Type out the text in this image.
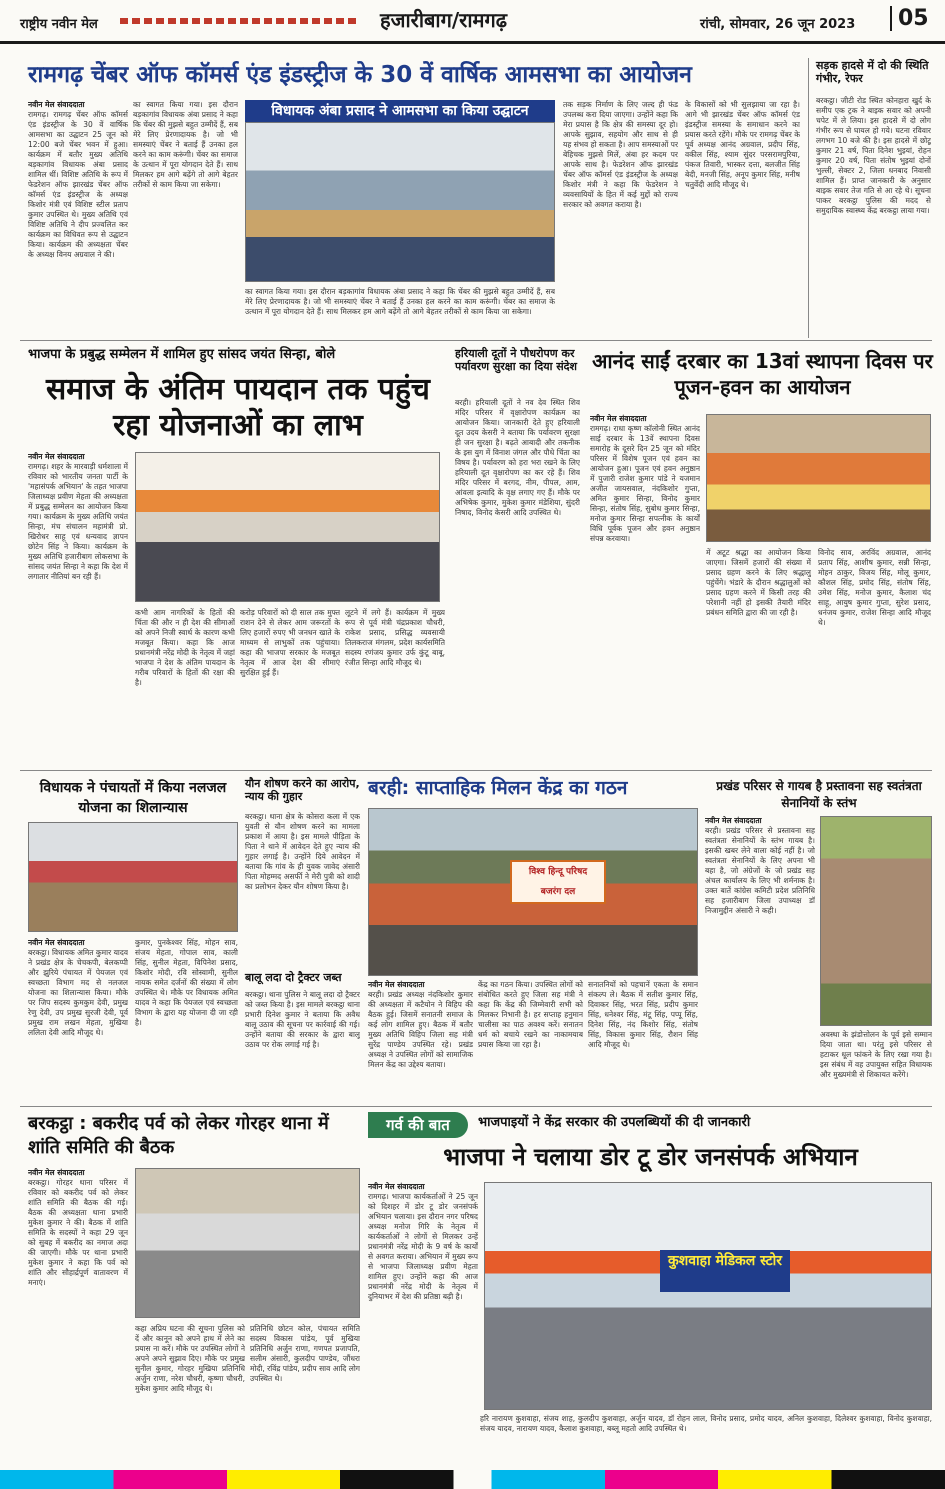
राष्ट्रीय नवीन मेल	हजारीबाग/रामगढ़	रांची, सोमवार, 26 जून 2023	05
रामगढ़ चेंबर ऑफ कॉमर्स एंड इंडस्ट्रीज के 30 वें वार्षिक आमसभा का आयोजन
नवीन मेल संवाददाता
रामगढ़। रामगढ़ चेंबर ऑफ कॉमर्स एंड इंडस्ट्रीज के 30 वें वार्षिक आमसभा का उद्घाटन 25 जून को 12:00 बजे चेंबर भवन में हुआ। कार्यक्रम में बतौर मुख्य अतिथि बड़कागांव विधायक अंबा प्रसाद शामिल थीं। विशिष्ट अतिथि के रूप में फेडरेशन ऑफ झारखंड चेंबर ऑफ कॉमर्स एंड इंडस्ट्रीज के अध्यक्ष किशोर मंत्री एवं विशिष्ट स्टील प्रताप कुमार उपस्थित थे। मुख्य अतिथि एवं विशिष्ट अतिथि ने दीप प्रज्वलित कर कार्यक्रम का विधिवत रूप से उद्घाटन किया। कार्यक्रम की अध्यक्षता चेंबर के अध्यक्ष विनय अग्रवाल ने की।
का स्वागत किया गया। इस दौरान बड़कागांव विधायक अंबा प्रसाद ने कहा कि चेंबर की मुझसे बहुत उम्मीदें हैं, सब मेरे लिए प्रेरणादायक है। जो भी समस्याएं चेंबर ने बताई हैं उनका हल करने का काम करूंगी। चेंबर का समाज के उत्थान में पूरा योगदान देते हैं। साथ मिलकर हम आगे बढ़ेंगे तो आगे बेहतर तरीकों से काम किया जा सकेगा।
विधायक अंबा प्रसाद ने आमसभा का किया उद्घाटन
का स्वागत किया गया। इस दौरान बड़कागांव विधायक अंबा प्रसाद ने कहा कि चेंबर की मुझसे बहुत उम्मीदें हैं, सब मेरे लिए प्रेरणादायक है। जो भी समस्याएं चेंबर ने बताई हैं उनका हल करने का काम करूंगी। चेंबर का समाज के उत्थान में पूरा योगदान देते हैं। साथ मिलकर हम आगे बढ़ेंगे तो आगे बेहतर तरीकों से काम किया जा सकेगा।
तक सड़क निर्माण के लिए जल्द ही फंड उपलब्ध करा दिया जाएगा। उन्होंने कहा कि मेरा प्रयास है कि क्षेत्र की समस्या दूर हो। आपके सुझाव, सहयोग और साथ से ही यह संभव हो सकता है। आप समस्याओं पर बेहिचक मुझसे मिलें, अंबा हर कदम पर आपके साथ है। फेडरेशन ऑफ झारखंड चेंबर ऑफ कॉमर्स एंड इंडस्ट्रीज के अध्यक्ष किशोर मंत्री ने कहा कि फेडरेशन ने व्यवसायियों के हित में कई मुद्दों को राज्य सरकार को अवगत कराया है।
के विकासों को भी सुलझाया जा रहा है। आगे भी झारखंड चेंबर ऑफ कॉमर्स एंड इंडस्ट्रीज समस्या के समाधान करने का प्रयास करते रहेंगे। मौके पर रामगढ़ चेंबर के पूर्व अध्यक्ष आनंद अग्रवाल, प्रदीप सिंह, वकील सिंह, श्याम सुंदर परसरामपुरिया, पंकज तिवारी, भास्कर दत्ता, बलजीत सिंह बेदी, मनजी सिंह, अनूप कुमार सिंह, मनीष चतुर्वेदी आदि मौजूद थे।
सड़क हादसे में दो की स्थिति गंभीर, रेफर
बरकट्ठा। जीटी रोड स्थित कोनहारा खुर्द के समीप एक ट्रक ने बाइक सवार को अपनी चपेट में ले लिया। इस हादसे में दो लोग गंभीर रूप से घायल हो गये। घटना रविवार लगभग 10 बजे की है। इस हादसे में छोटू कुमार 21 वर्ष, पिता दिनेश भुइयां, रोहन कुमार 20 वर्ष, पिता संतोष भुइयां दोनों भुल्ली, सेक्टर 2, जिला धनबाद निवासी शामिल हैं। प्राप्त जानकारी के अनुसार बाइक सवार तेज गति से आ रहे थे। सूचना पाकर बरकट्ठा पुलिस की मदद से समुदायिक स्वास्थ्य केंद्र बरकट्ठा लाया गया।
भाजपा के प्रबुद्ध सम्मेलन में शामिल हुए सांसद जयंत सिन्हा, बोले
समाज के अंतिम पायदान तक पहुंच रहा योजनाओं का लाभ
नवीन मेल संवाददाता
रामगढ़। शहर के मारवाड़ी धर्मशाला में रविवार को भारतीय जनता पार्टी के 'महासंपर्क अभियान' के तहत भाजपा जिलाध्यक्ष प्रवीण मेहता की अध्यक्षता में प्रबुद्ध सम्मेलन का आयोजन किया गया। कार्यक्रम के मुख्य अतिथि जयंत सिन्हा, मंच संचालन महामंत्री प्रो. खिरोधर साहू एवं धन्यवाद ज्ञापन छोटेन सिंह ने किया। कार्यक्रम के मुख्य अतिथि हजारीबाग लोकसभा के सांसद जयंत सिन्हा ने कहा कि देश में लगातार नीतियां बन रही हैं।
कभी आम नागरिकों के हितों की चिंता की और न ही देश की सीमाओं को अपने निजी स्वार्थ के कारण कभी मजबूत किया। कहा कि आज प्रधानमंत्री नरेंद्र मोदी के नेतृत्व में जहां भाजपा ने देश के अंतिम पायदान के गरीब परिवारों के हितों की रक्षा की है।
करोड़ परिवारों को दी साल तक मुफ्त राशन देने से लेकर आम जरूरतों के लिए हजारों रुपए भी जनधन खाते के माध्यम से लाभुकों तक पहुंचाया। कहा की भाजपा सरकार के मजबूत नेतृत्व में आज देश की सीमाएं सुरक्षित हुई हैं।
लूटने में लगे हैं। कार्यक्रम में मुख्य रूप से पूर्व मंत्री चंद्रप्रकाश चौधरी, राकेश प्रसाद, प्रसिद्ध व्यवसायी तिलकराज मंगलम, प्रदेश कार्यसमिति सदस्य रणंजय कुमार उर्फ कुंटू बाबू, रंजीत सिन्हा आदि मौजूद थे।
हरियाली दूतों ने पौधरोपण कर पर्यावरण सुरक्षा का दिया संदेश
बरही। हरियाली दूतों ने नव देव स्थित शिव मंदिर परिसर में वृक्षारोपण कार्यक्रम का आयोजन किया। जानकारी देते हुए हरियाली दूत उदय केसरी ने बताया कि पर्यावरण सुरक्षा ही जन सुरक्षा है। बढ़ते आबादी और तकनीक के इस युग में विनाश जंगल और पौधे चिंता का विषय है। पर्यावरण को हरा भरा रखने के लिए हरियाली दूत वृक्षारोपण का कर रहे हैं। शिव मंदिर परिसर में बरगद, नीम, पीपल, आम, आंवला इत्यादि के वृक्ष लगाए गए हैं। मौके पर अभिषेक कुमार, मुकेश कुमार मंडेशिया, सुंदरी निषाद, विनोद केसरी आदि उपस्थित थे।
आनंद साईं दरबार का 13वां स्थापना दिवस पर पूजन-हवन का आयोजन
नवीन मेल संवाददाता
रामगढ़। राधा कृष्ण कॉलोनी स्थित आनंद साई दरबार के 13वें स्थापना दिवस समारोह के दूसरे दिन 25 जून को मंदिर परिसर में विशेष पूजन एवं हवन का आयोजन हुआ। पूजन एवं हवन अनुष्ठान में पुजारी राजेश कुमार पांडे ने यजमान अजीत जायसवाल, नंदकिशोर गुप्ता, अमित कुमार सिन्हा, विनोद कुमार सिन्हा, संतोष सिंह, सुबोध कुमार सिन्हा, मनोज कुमार सिन्हा सपत्नीक के कार्यों विधि पूर्वक पूजन और हवन अनुष्ठान संपन्न करवाया।
में अटूट श्रद्धा का आयोजन किया जाएगा। जिसमें हजारों की संख्या में प्रसाद ग्रहण करने के लिए श्रद्धालु पहुंचेंगे। भंडारे के दौरान श्रद्धालुओं को प्रसाद ग्रहण करने में किसी तरह की परेशानी नहीं हो इसकी तैयारी मंदिर प्रबंधन समिति द्वारा की जा रही है।
विनोद साव, अरविंद अग्रवाल, आनंद प्रताप सिंह, आशीष कुमार, सन्नी सिन्हा, मोहन ठाकुर, विजय सिंह, मोलू कुमार, कौशल सिंह, प्रमोद सिंह, संतोष सिंह, उमेश सिंह, मनोज कुमार, कैलाश चंद साहू, आयुष कुमार गुप्ता, सुरेश प्रसाद, धनंजय कुमार, राजेश सिन्हा आदि मौजूद थे।
विधायक ने पंचायतों में किया नलजल योजना का शिलान्यास
नवीन मेल संवाददाता
बरकट्ठा। विधायक अमित कुमार यादव ने प्रखंड क्षेत्र के चेचकपी, बेलकप्पी और झुरिये पंचायत में पेयजल एवं स्वच्छता विभाग मद से नलजल योजना का शिलान्यास किया। मौके पर जिप सदस्य कुमकुम देवी, प्रमुख रेणु देवी, उप प्रमुख सुरजी देवी, पूर्व प्रमुख राम लखन मेहता, मुखिया ललिता देवी आदि मौजूद थे।
कुमार, पुनकेश्वर सिंह, मोहन साव, संजय मेहता, गोपाल साव, काली सिंह, सुनील मेहता, विपिनेश प्रसाद, किशोर मोदी, रवि सोस्वामी, सुनील नायक समेत दर्जनों की संख्या में लोग उपस्थित थे। मौके पर विधायक अमित यादव ने कहा कि पेयजल एवं स्वच्छता विभाग के द्वारा यह योजना दी जा रही है।
यौन शोषण करने का आरोप, न्याय की गुहार
बरकट्ठा। थाना क्षेत्र के कोसरा कला में एक युवती से यौन शोषण करने का मामला प्रकाश में आया है। इस मामले पीड़िता के पिता ने थाने में आवेदन देते हुए न्याय की गुहार लगाई है। उन्होंने दिये आवेदन में बताया कि गांव के ही युवक जावेद अंसारी पिता मोहम्मद असर्फी ने मेरी पुत्री को शादी का प्रलोभन देकर यौन शोषण किया है।
बालू लदा दो ट्रैक्टर जब्त
बरकट्ठा। थाना पुलिस ने बालू लदा दो ट्रैक्टर को जब्त किया है। इस मामले बरकट्ठा थाना प्रभारी दिनेश कुमार ने बताया कि अवैध बालू उठाव की सूचना पर कार्रवाई की गई। उन्होंने बताया की सरकार के द्वारा बालू उठाव पर रोक लगाई गई है।
बरही: साप्ताहिक मिलन केंद्र का गठन
विश्व हिन्दू परिषद
बजरंग दल
नवीन मेल संवाददाता
बरही। प्रखंड अध्यक्ष नंदकिशोर कुमार की अध्यक्षता में कटैयोन ने विहिप की बैठक हुई। जिसमें सनातनी समाज के कई लोग शामिल हुए। बैठक में बतौर मुख्य अतिथि विहिप जिला सह मंत्री सुरेंद्र पाण्डेय उपस्थित रहे। प्रखंड अध्यक्ष ने उपस्थित लोगों को सामाजिक मिलन केंद्र का उद्देश्य बताया।
केंद्र का गठन किया। उपस्थित लोगों को संबोधित करते हुए जिला सह मंत्री ने कहा कि केंद्र की जिम्मेवारी सभी को मिलकर निभानी है। हर सप्ताह हनुमान चालीसा का पाठ अवश्य करें। सनातन धर्म को बचाये रखने का नाकामयाब प्रयास किया जा रहा है।
सनातनियों को पहचानें एकता के समान संकल्प ले। बैठक में सतीश कुमार सिंह, दिवाकर सिंह, भरत सिंह, प्रदीप कुमार सिंह, धनेश्वर सिंह, मंटू सिंह, पप्पू सिंह, दिनेश सिंह, नंद किशोर सिंह, संतोष सिंह, विकास कुमार सिंह, रौशन सिंह आदि मौजूद थे।
प्रखंड परिसर से गायब है प्रस्तावना सह स्वतंत्रता सेनानियों के स्तंभ
नवीन मेल संवाददाता
बरही। प्रखंड परिसर से प्रस्तावना सह स्वतंत्रता सेनानियों के स्तंभ गायब है। इसकी खबर लेने वाला कोई नहीं है। जो स्वतंत्रता सेनानियों के लिए अपना भी बहा है, जो अंग्रेजों के जो प्रखंड सह अंचल कार्यालय के लिए भी शर्मनाक है। उक्त बातें कांग्रेस कमिटी प्रदेश प्रतिनिधि सह हजारीबाग जिला उपाध्यक्ष डॉ निजामुद्दीन अंसारी ने कही।
अवस्था के झंडोत्तोलन के पूर्व इसे सम्मान दिया जाता था। परंतु इसे परिसर से हटाकर धूल फांकने के लिए रखा गया है। इस संबंध में वह उपायुक्त सहित विधायक और मुख्यमंत्री से शिकायत करेंगे।
बरकट्ठा : बकरीद पर्व को लेकर गोरहर थाना में शांति समिति की बैठक
नवीन मेल संवाददाता
बरकट्ठा। गोरहर थाना परिसर में रविवार को बकरीद पर्व को लेकर शांति समिति की बैठक की गई। बैठक की अध्यक्षता थाना प्रभारी मुकेश कुमार ने की। बैठक में शांति समिति के सदस्यों ने कहा 29 जून को सुबह में बकरीद का नमाज अदा की जाएगी। मौके पर थाना प्रभारी मुकेश कुमार ने कहा कि पर्व को शांति और सौहार्द्रपूर्ण वातावरण में मनाएं।
कहा अप्रिय घटना की सूचना पुलिस को दें और कानून को अपने हाथ में लेने का प्रयास ना करें। मौके पर उपस्थित लोगों ने अपने अपने सुझाव दिए। मौके पर प्रमुख सुनील कुमार, गोरहर मुखिया प्रतिनिधि अर्जुन राणा, नरेश चौधरी, कृष्णा चौधरी, मुकेश कुमार आदि मौजूद थे।
प्रतिनिधि छोटन कोल, पंचायत समिति सदस्य विकास पांडेय, पूर्व मुखिया प्रतिनिधि अर्जुन राणा, गणपत प्रजापति, सलीम अंसारी, कुलदीप पाण्डेय, जौंधरा मोदी, रविंद्र पांडेय, प्रदीप साव आदि लोग उपस्थित थे।
गर्व की बात	भाजपाइयों ने केंद्र सरकार की उपलब्धियों की दी जानकारी
भाजपा ने चलाया डोर टू डोर जनसंपर्क अभियान
नवीन मेल संवाददाता
रामगढ़। भाजपा कार्यकर्ताओं ने 25 जून को दिशहर में डोर टू डोर जनसंपर्क अभियान चलाया। इस दौरान नगर परिषद अध्यक्ष मनोज गिरि के नेतृत्व में कार्यकर्ताओं ने लोगों से मिलकर उन्हें प्रधानमंत्री नरेंद्र मोदी के 9 वर्ष के कार्यों से अवगत कराया। अभियान में मुख्य रूप से भाजपा जिलाध्यक्ष प्रवीण मेहता शामिल हुए। उन्होंने कहा की आज प्रधानमंत्री नरेंद्र मोदी के नेतृत्व में दुनियाभर में देश की प्रतिष्ठा बढ़ी है।
कुशवाहा मेडिकल स्टोर
हरि नारायण कुशवाहा, संजय शाह, कुलदीप कुशवाहा, अर्जुन यादव, डॉ रोहन लाल, विनोद प्रसाद, प्रमोद यादव, अनिल कुशवाहा, दिलेश्वर कुशवाहा, विनोद कुशवाहा, संजय यादव, नारायण यादव, कैलाश कुशवाहा, बब्लू महतो आदि उपस्थित थे।
